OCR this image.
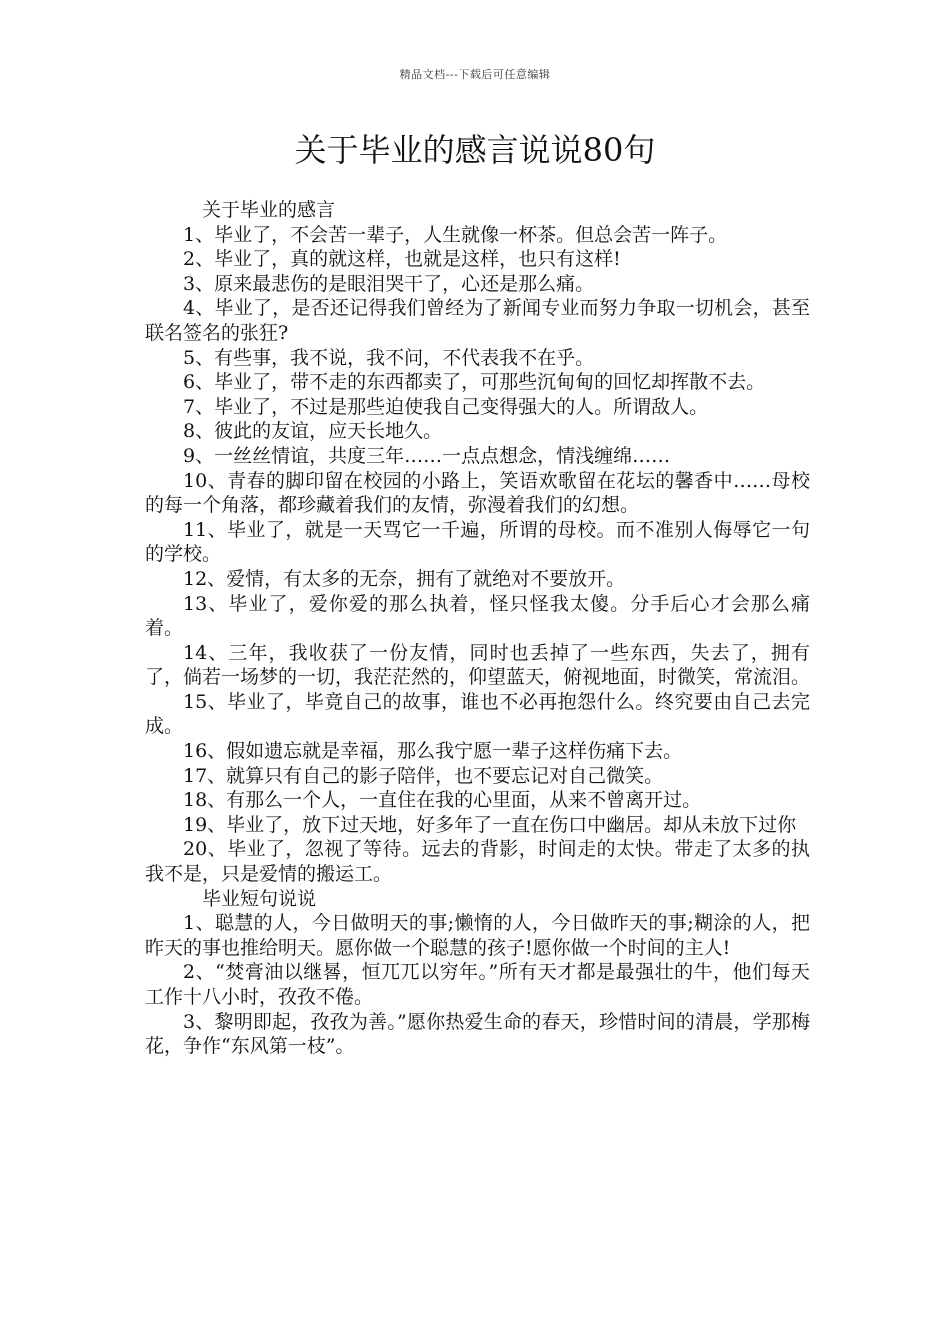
精品文档---下载后可任意编辑
关于毕业的感言说说80句

关于毕业的感言

1、毕业了，不会苦一辈子，人生就像一杯茶。但总会苦一阵子。

2、毕业了，真的就这样，也就是这样，也只有这样!

3、原来最悲伤的是眼泪哭干了，心还是那么痛。

4、毕业了，是否还记得我们曾经为了新闻专业而努力争取一切机会，甚至联名签名的张狂?

5、有些事，我不说，我不问，不代表我不在乎。

6、毕业了，带不走的东西都卖了，可那些沉甸甸的回忆却挥散不去。

7、毕业了，不过是那些迫使我自己变得强大的人。所谓敌人。

8、彼此的友谊，应天长地久。

9、一丝丝情谊，共度三年……一点点想念，情浅缠绵……

10、青春的脚印留在校园的小路上，笑语欢歌留在花坛的馨香中……母校的每一个角落，都珍藏着我们的友情，弥漫着我们的幻想。

11、毕业了，就是一天骂它一千遍，所谓的母校。而不准别人侮辱它一句的学校。

12、爱情，有太多的无奈，拥有了就绝对不要放开。

13、毕业了，爱你爱的那么执着，怪只怪我太傻。分手后心才会那么痛着。

14、三年，我收获了一份友情，同时也丢掉了一些东西，失去了，拥有了，倘若一场梦的一切，我茫茫然的，仰望蓝天，俯视地面，时微笑，常流泪。

15、毕业了，毕竟自己的故事，谁也不必再抱怨什么。终究要由自己去完成。

16、假如遗忘就是幸福，那么我宁愿一辈子这样伤痛下去。

17、就算只有自己的影子陪伴，也不要忘记对自己微笑。

18、有那么一个人，一直住在我的心里面，从来不曾离开过。

19、毕业了，放下过天地，好多年了一直在伤口中幽居。却从未放下过你

20、毕业了，忽视了等待。远去的背影，时间走的太快。带走了太多的执我不是，只是爱情的搬运工。

毕业短句说说

1、聪慧的人，今日做明天的事;懒惰的人，今日做昨天的事;糊涂的人，把昨天的事也推给明天。愿你做一个聪慧的孩子!愿你做一个时间的主人!

2、“焚膏油以继晷，恒兀兀以穷年。”所有天才都是最强壮的牛，他们每天工作十八小时，孜孜不倦。

3、黎明即起，孜孜为善。”愿你热爱生命的春天，珍惜时间的清晨，学那梅花，争作“东风第一枝”。
